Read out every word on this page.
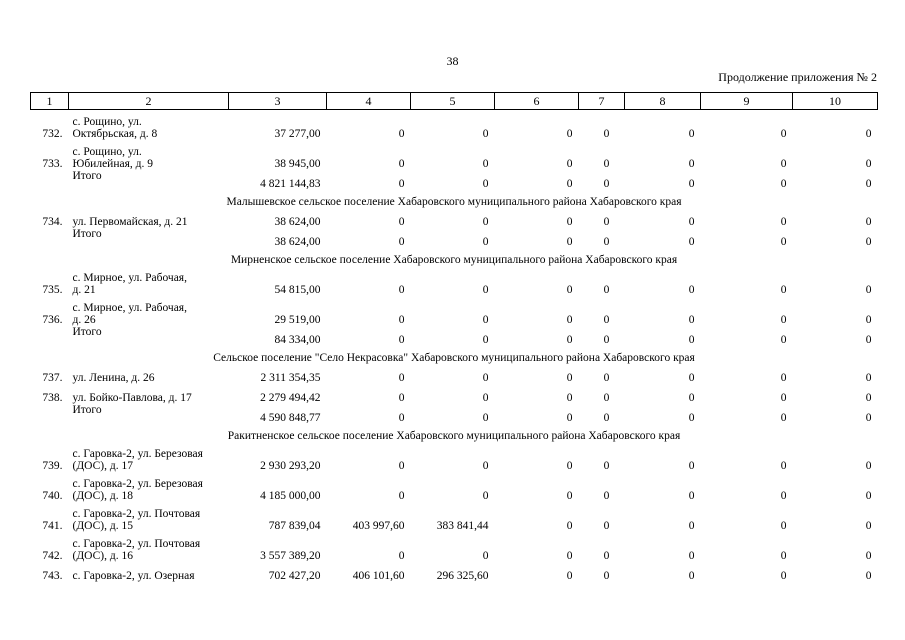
38
Продолжение приложения № 2
1	2	3	4	5	6	7	8	9	10
732.	с. Рощино, ул.
Октябрьская, д. 8	37 277,00	0	0	0	0	0	0	0
733.	с. Рощино, ул.
Юбилейная, д. 9	38 945,00	0	0	0	0	0	0	0
	Итого	4 821 144,83	0	0	0	0	0	0	0
Малышевское сельское поселение Хабаровского муниципального района Хабаровского края									
734.	ул. Первомайская, д. 21	38 624,00	0	0	0	0	0	0	0
	Итого	38 624,00	0	0	0	0	0	0	0
Мирненское сельское поселение Хабаровского муниципального района Хабаровского края									
735.	с. Мирное, ул. Рабочая,
д. 21	54 815,00	0	0	0	0	0	0	0
736.	с. Мирное, ул. Рабочая,
д. 26	29 519,00	0	0	0	0	0	0	0
	Итого	84 334,00	0	0	0	0	0	0	0
Сельское поселение "Село Некрасовка" Хабаровского муниципального района Хабаровского края									
737.	ул. Ленина, д. 26	2 311 354,35	0	0	0	0	0	0	0
738.	ул. Бойко-Павлова, д. 17	2 279 494,42	0	0	0	0	0	0	0
	Итого	4 590 848,77	0	0	0	0	0	0	0
Ракитненское сельское поселение Хабаровского муниципального района Хабаровского края									
739.	с. Гаровка-2, ул. Березовая
(ДОС), д. 17	2 930 293,20	0	0	0	0	0	0	0
740.	с. Гаровка-2, ул. Березовая
(ДОС), д. 18	4 185 000,00	0	0	0	0	0	0	0
741.	с. Гаровка-2, ул. Почтовая
(ДОС), д. 15	787 839,04	403 997,60	383 841,44	0	0	0	0	0
742.	с. Гаровка-2, ул. Почтовая
(ДОС), д. 16	3 557 389,20	0	0	0	0	0	0	0
743.	с. Гаровка-2, ул. Озерная	702 427,20	406 101,60	296 325,60	0	0	0	0	0
